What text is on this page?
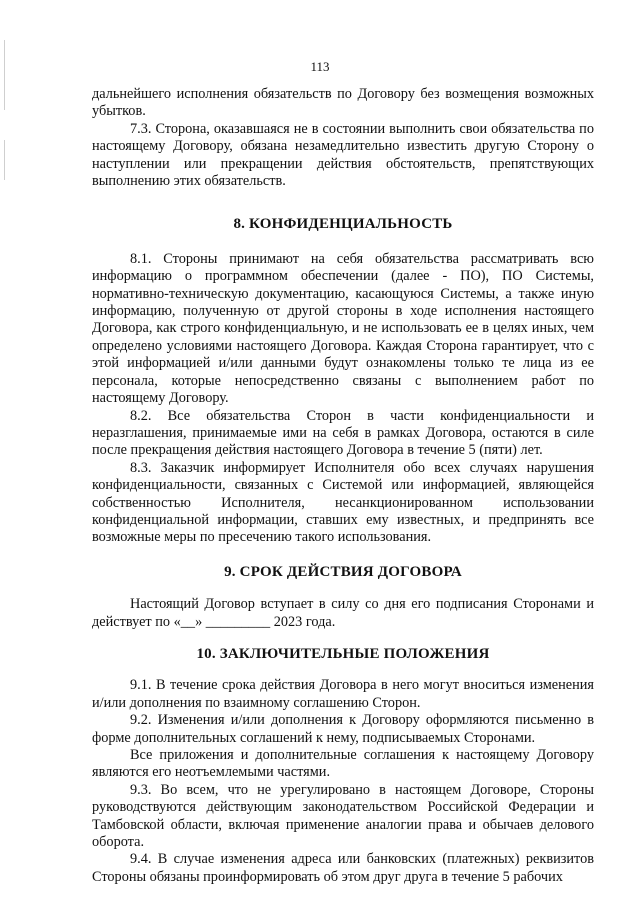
113

дальнейшего исполнения обязательств по Договору без возмещения возможных убытков.

7.3. Сторона, оказавшаяся не в состоянии выполнить свои обязательства по настоящему Договору, обязана незамедлительно известить другую Сторону о наступлении или прекращении действия обстоятельств, препятствующих выполнению этих обязательств.

8. КОНФИДЕНЦИАЛЬНОСТЬ

8.1. Стороны принимают на себя обязательства рассматривать всю информацию о программном обеспечении (далее - ПО), ПО Системы, нормативно-техническую документацию, касающуюся Системы, а также иную информацию, полученную от другой стороны в ходе исполнения настоящего Договора, как строго конфиденциальную, и не использовать ее в целях иных, чем определено условиями настоящего Договора. Каждая Сторона гарантирует, что с этой информацией и/или данными будут ознакомлены только те лица из ее персонала, которые непосредственно связаны с выполнением работ по настоящему Договору.

8.2. Все обязательства Сторон в части конфиденциальности и неразглашения, принимаемые ими на себя в рамках Договора, остаются в силе после прекращения действия настоящего Договора в течение 5 (пяти) лет.

8.3. Заказчик информирует Исполнителя обо всех случаях нарушения конфиденциальности, связанных с Системой или информацией, являющейся собственностью Исполнителя, несанкционированном использовании конфиденциальной информации, ставших ему известных, и предпринять все возможные меры по пресечению такого использования.

9. СРОК ДЕЙСТВИЯ ДОГОВОРА

Настоящий Договор вступает в силу со дня его подписания Сторонами и действует по «__» _________ 2023 года.

10. ЗАКЛЮЧИТЕЛЬНЫЕ ПОЛОЖЕНИЯ

9.1. В течение срока действия Договора в него могут вноситься изменения и/или дополнения по взаимному соглашению Сторон.

9.2. Изменения и/или дополнения к Договору оформляются письменно в форме дополнительных соглашений к нему, подписываемых Сторонами.

Все приложения и дополнительные соглашения к настоящему Договору являются его неотъемлемыми частями.

9.3. Во всем, что не урегулировано в настоящем Договоре, Стороны руководствуются действующим законодательством Российской Федерации и Тамбовской области, включая применение аналогии права и обычаев делового оборота.

9.4. В случае изменения адреса или банковских (платежных) реквизитов Стороны обязаны проинформировать об этом друг друга в течение 5 рабочих
